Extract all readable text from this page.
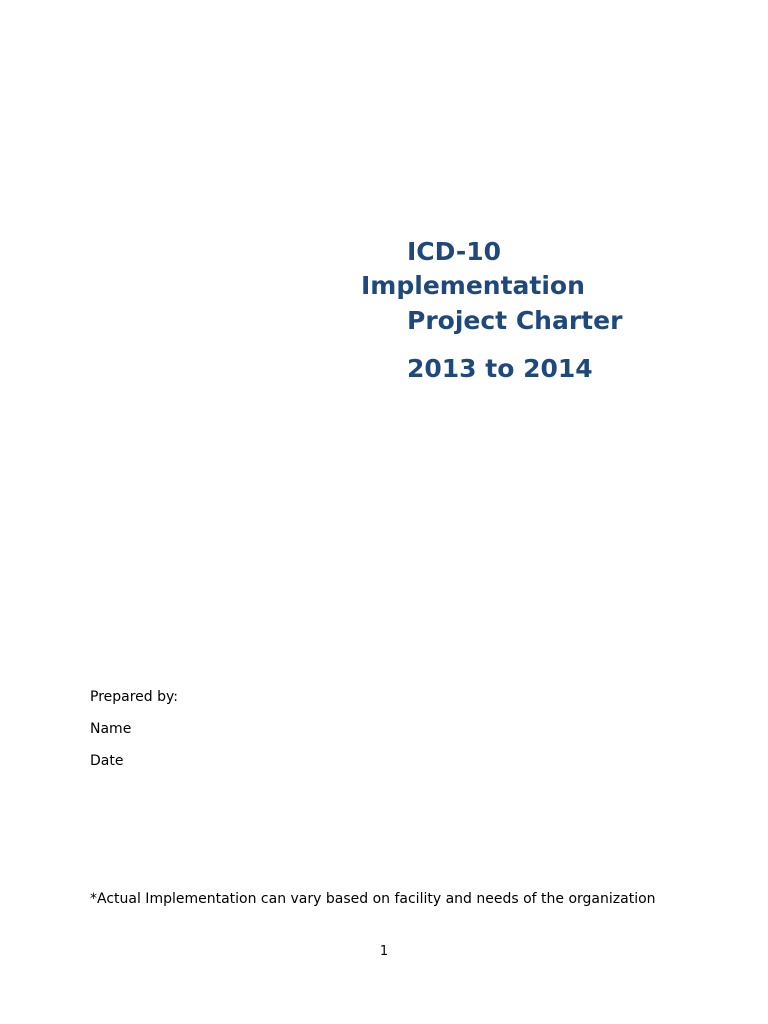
ICD-10
Implementation
Project Charter
2013 to 2014
Prepared by:
Name
Date
*Actual Implementation can vary based on facility and needs of the organization
1
